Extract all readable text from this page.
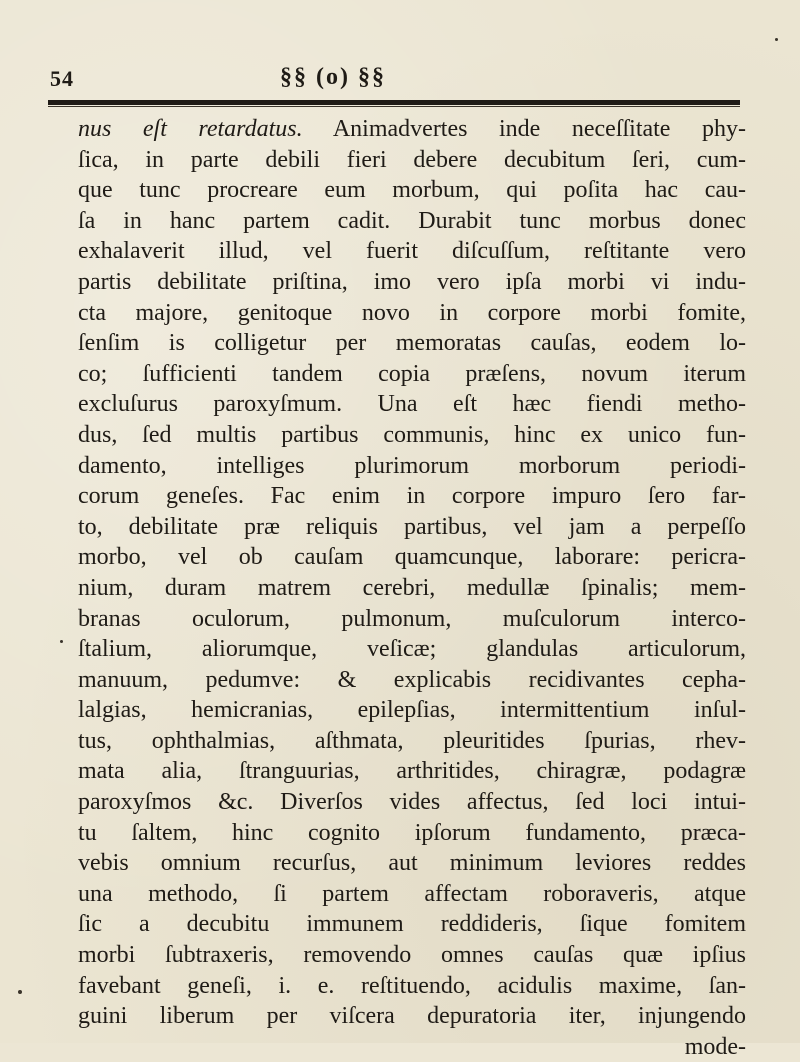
54	§§ (o) §§
nus eſt retardatus. Animadvertes inde neceſſitate phy-
ſica, in parte debili fieri debere decubitum ſeri, cum-
que tunc procreare eum morbum, qui poſita hac cau-
ſa in hanc partem cadit. Durabit tunc morbus donec
exhalaverit illud, vel fuerit diſcuſſum, reſtitante vero
partis debilitate priſtina, imo vero ipſa morbi vi indu-
cta majore, genitoque novo in corpore morbi fomite,
ſenſim is colligetur per memoratas cauſas, eodem lo-
co; ſufficienti tandem copia præſens, novum iterum
excluſurus paroxyſmum. Una eſt hæc fiendi metho-
dus, ſed multis partibus communis, hinc ex unico fun-
damento, intelliges plurimorum morborum periodi-
corum geneſes. Fac enim in corpore impuro ſero far-
to, debilitate præ reliquis partibus, vel jam a perpeſſo
morbo, vel ob cauſam quamcunque, laborare: pericra-
nium, duram matrem cerebri, medullæ ſpinalis; mem-
branas oculorum, pulmonum, muſculorum interco-
ſtalium, aliorumque, veſicæ; glandulas articulorum,
manuum, pedumve: & explicabis recidivantes cepha-
lalgias, hemicranias, epilepſias, intermittentium inſul-
tus, ophthalmias, aſthmata, pleuritides ſpurias, rhev-
mata alia, ſtranguurias, arthritides, chiragræ, podagræ
paroxyſmos &c. Diverſos vides affectus, ſed loci intui-
tu ſaltem, hinc cognito ipſorum fundamento, præca-
vebis omnium recurſus, aut minimum leviores reddes
una methodo, ſi partem affectam roboraveris, atque
ſic a decubitu immunem reddideris, ſique fomitem
morbi ſubtraxeris, removendo omnes cauſas quæ ipſius
favebant geneſi, i. e. reſtituendo, acidulis maxime, ſan-
guini liberum per viſcera depuratoria iter, injungendo
mode-
